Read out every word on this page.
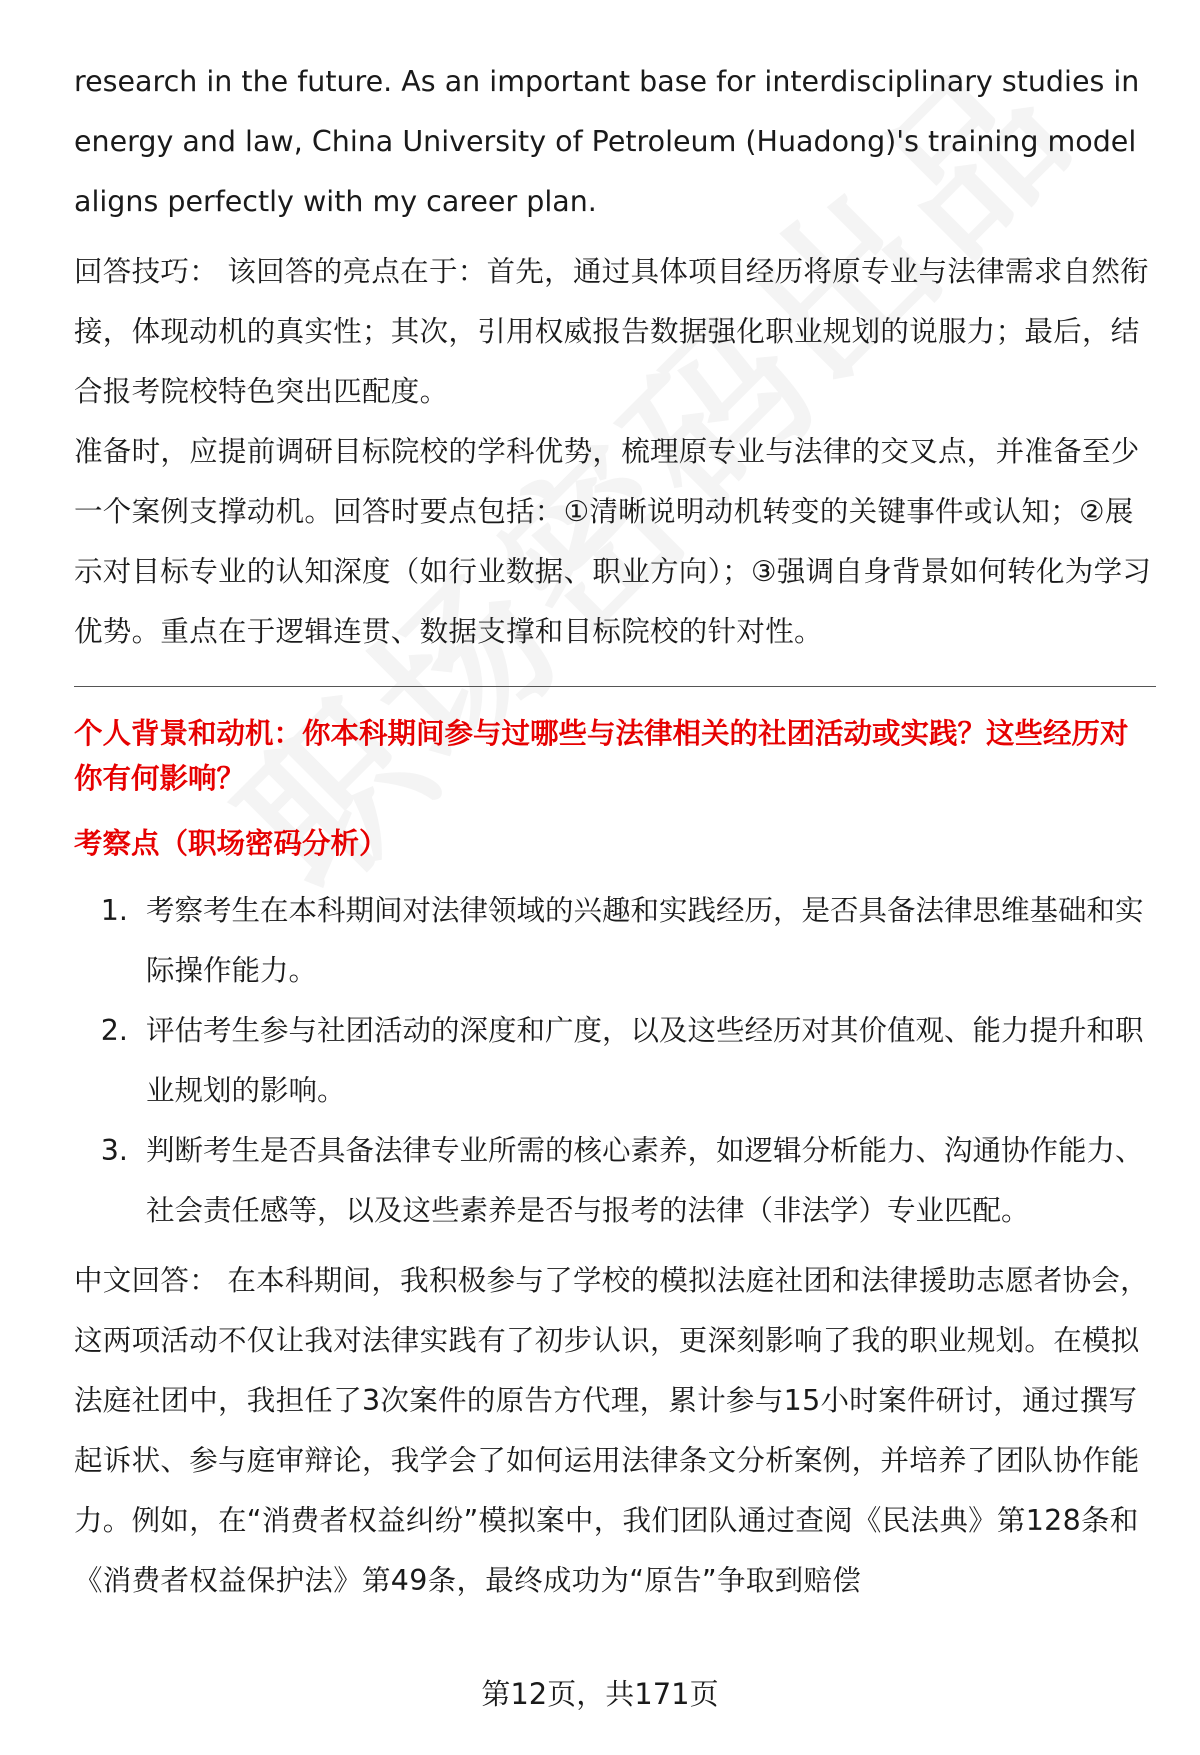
research in the future. As an important base for interdisciplinary studies in energy and law, China University of Petroleum (Huadong)'s training model aligns perfectly with my career plan.

回答技巧： 该回答的亮点在于：首先，通过具体项目经历将原专业与法律需求自然衔接，体现动机的真实性；其次，引用权威报告数据强化职业规划的说服力；最后，结合报考院校特色突出匹配度。

准备时，应提前调研目标院校的学科优势，梳理原专业与法律的交叉点，并准备至少一个案例支撑动机。回答时要点包括：①清晰说明动机转变的关键事件或认知；②展示对目标专业的认知深度（如行业数据、职业方向）；③强调自身背景如何转化为学习优势。重点在于逻辑连贯、数据支撑和目标院校的针对性。

个人背景和动机：你本科期间参与过哪些与法律相关的社团活动或实践？这些经历对你有何影响？

考察点（职场密码分析）

1. 考察考生在本科期间对法律领域的兴趣和实践经历，是否具备法律思维基础和实际操作能力。
2. 评估考生参与社团活动的深度和广度，以及这些经历对其价值观、能力提升和职业规划的影响。
3. 判断考生是否具备法律专业所需的核心素养，如逻辑分析能力、沟通协作能力、社会责任感等，以及这些素养是否与报考的法律（非法学）专业匹配。

中文回答： 在本科期间，我积极参与了学校的模拟法庭社团和法律援助志愿者协会，这两项活动不仅让我对法律实践有了初步认识，更深刻影响了我的职业规划。在模拟法庭社团中，我担任了3次案件的原告方代理，累计参与15小时案件研讨，通过撰写起诉状、参与庭审辩论，我学会了如何运用法律条文分析案例，并培养了团队协作能力。例如，在“消费者权益纠纷”模拟案中，我们团队通过查阅《民法典》第128条和《消费者权益保护法》第49条，最终成功为“原告”争取到赔偿

第12页，共171页
